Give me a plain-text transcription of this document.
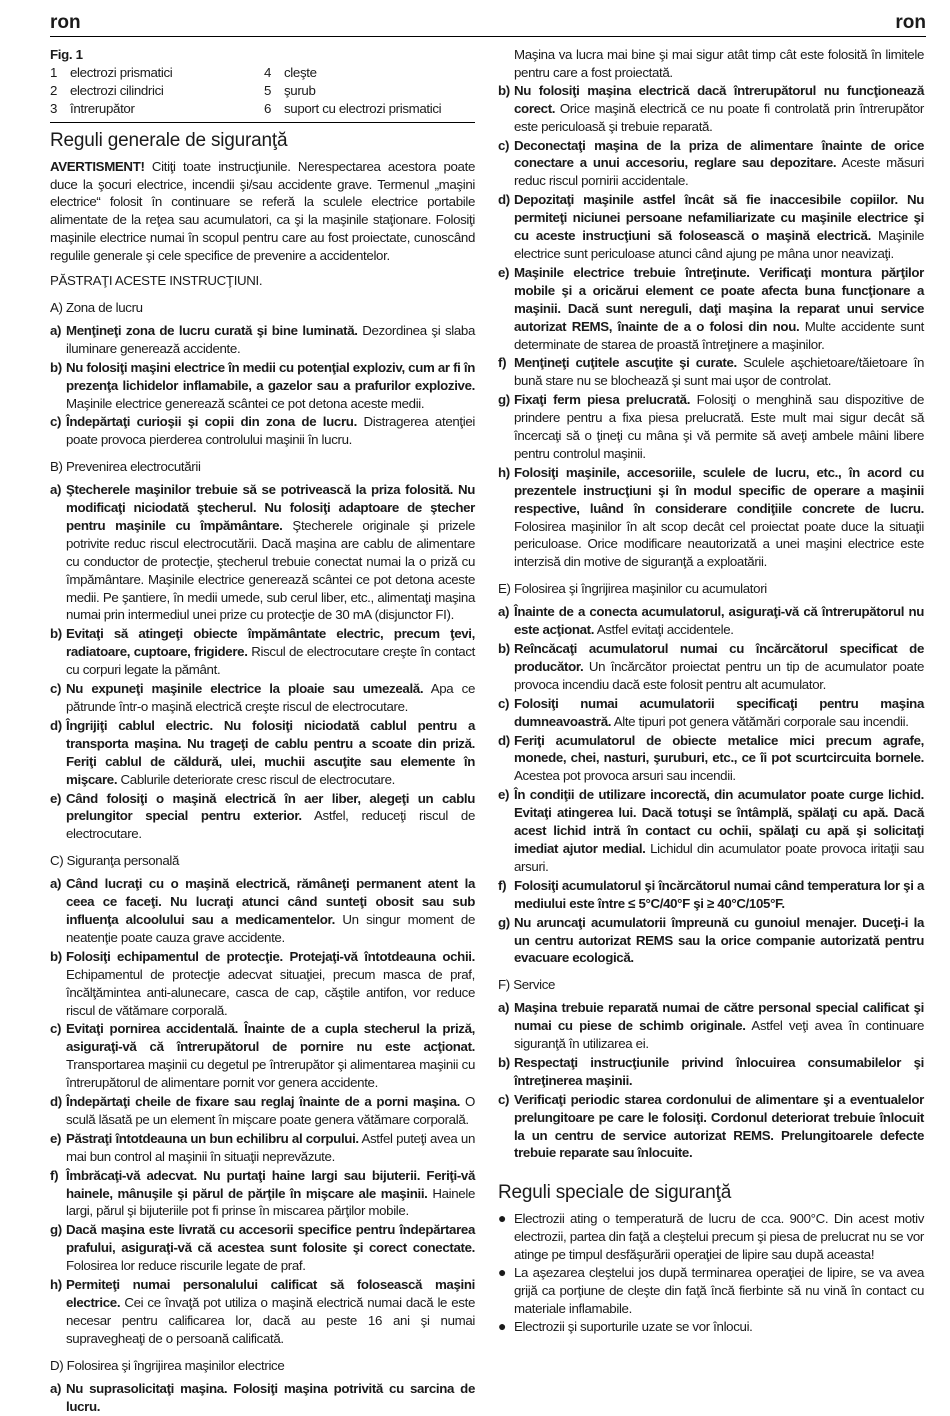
ron	ron

Fig. 1

1 electrozi prismatici	4 cleşte
2 electrozi cilindrici	5 şurub
3 întrerupător	6 suport cu electrozi prismatici
Reguli generale de siguranţă

AVERTISMENT! Citiţi toate instrucţiunile. Nerespectarea acestora poate duce la şocuri electrice, incendii şi/sau accidente grave. Termenul „maşini electrice“ folosit în continuare se referă la sculele electrice portabile alimentate de la reţea sau acumulatori, ca şi la maşinile staţionare. Folosiţi maşinile electrice numai în scopul pentru care au fost proiectate, cunoscând regulile generale şi cele specifice de prevenire a accidentelor.

PĂSTRAŢI ACESTE INSTRUCŢIUNI.

A) Zona de lucru

a) Menţineţi zona de lucru curată şi bine luminată. Dezordinea şi slaba iluminare generează accidente.
b) Nu folosiţi maşini electrice în medii cu potenţial exploziv, cum ar fi în prezenţa lichidelor inflamabile, a gazelor sau a prafurilor explozive. Maşinile electrice generează scântei ce pot detona aceste medii.
c) Îndepărtaţi curioşii şi copii din zona de lucru. Distragerea atenţiei poate provoca pierderea controlului maşinii în lucru.

B) Prevenirea electrocutării

a) Ştecherele maşinilor trebuie să se potrivească la priza folosită. Nu modificaţi niciodată ştecherul. Nu folosiţi adaptoare de ştecher pentru maşinile cu împământare. Ştecherele originale şi prizele potrivite reduc riscul electrocutării. Dacă maşina are cablu de alimentare cu conductor de protecţie, ştecherul trebuie conectat numai la o priză cu împământare. Maşinile electrice generează scântei ce pot detona aceste medii. Pe şantiere, în medii umede, sub cerul liber, etc., alimentaţi maşina numai prin intermediul unei prize cu protecţie de 30 mA (disjunctor FI).
b) Evitaţi să atingeţi obiecte împământate electric, precum ţevi, radiatoare, cuptoare, frigidere. Riscul de electrocutare creşte în contact cu corpuri legate la pământ.
c) Nu expuneţi maşinile electrice la ploaie sau umezeală. Apa ce pătrunde într-o maşină electrică creşte riscul de electrocutare.
d) Îngrijiţi cablul electric. Nu folosiţi niciodată cablul pentru a transporta maşina. Nu trageţi de cablu pentru a scoate din priză. Feriţi cablul de căldură, ulei, muchii ascuţite sau elemente în mişcare. Cablurile deteriorate cresc riscul de electrocutare.
e) Când folosiţi o maşină electrică în aer liber, alegeţi un cablu prelungitor special pentru exterior. Astfel, reduceţi riscul de electrocutare.

C) Siguranţa personală

a) Când lucraţi cu o maşină electrică, rămâneţi permanent atent la ceea ce faceţi. Nu lucraţi atunci când sunteţi obosit sau sub influenţa alcoolului sau a medicamentelor. Un singur moment de neatenţie poate cauza grave accidente.
b) Folosiţi echipamentul de protecţie. Protejaţi-vă întotdeauna ochii. Echipamentul de protecţie adecvat situaţiei, precum masca de praf, încălţămintea anti-alunecare, casca de cap, căştile antifon, vor reduce riscul de vătămare corporală.
c) Evitaţi pornirea accidentală. Înainte de a cupla stecherul la priză, asiguraţi-vă că întrerupătorul de pornire nu este acţionat. Transportarea maşinii cu degetul pe întrerupător şi alimentarea maşinii cu întrerupătorul de alimentare pornit vor genera accidente.
d) Îndepărtaţi cheile de fixare sau reglaj înainte de a porni maşina. O sculă lăsată pe un element în mişcare poate genera vătămare corporală.
e) Păstraţi întotdeauna un bun echilibru al corpului. Astfel puteţi avea un mai bun control al maşinii în situaţii neprevăzute.
f) Îmbrăcaţi-vă adecvat. Nu purtaţi haine largi sau bijuterii. Feriţi-vă hainele, mânuşile şi părul de părţile în mişcare ale maşinii. Hainele largi, părul şi bijuteriile pot fi prinse în miscarea părţilor mobile.
g) Dacă maşina este livrată cu accesorii specifice pentru îndepărtarea prafului, asiguraţi-vă că acestea sunt folosite şi corect conectate. Folosirea lor reduce riscurile legate de praf.
h) Permiteţi numai personalului calificat să folosească maşini electrice. Cei ce învaţă pot utiliza o maşină electrică numai dacă le este necesar pentru calificarea lor, dacă au peste 16 ani şi numai supravegheaţi de o persoană calificată.

D) Folosirea şi îngrijirea maşinilor electrice

a) Nu suprasolicitaţi maşina. Folosiţi maşina potrivită cu sarcina de lucru.
Maşina va lucra mai bine şi mai sigur atât timp cât este folosită în limitele pentru care a fost proiectată.
b) Nu folosiţi maşina electrică dacă întrerupătorul nu funcţionează corect. Orice maşină electrică ce nu poate fi controlată prin întrerupător este periculoasă şi trebuie reparată.
c) Deconectaţi maşina de la priza de alimentare înainte de orice conectare a unui accesoriu, reglare sau depozitare. Aceste măsuri reduc riscul pornirii accidentale.
d) Depozitaţi maşinile astfel încât să fie inaccesibile copiilor. Nu permiteţi niciunei persoane nefamiliarizate cu maşinile electrice şi cu aceste instrucţiuni să folosească o maşină electrică. Maşinile electrice sunt periculoase atunci când ajung pe mâna unor neavizaţi.
e) Maşinile electrice trebuie întreţinute. Verificaţi montura părţilor mobile şi a oricărui element ce poate afecta buna funcţionare a maşinii. Dacă sunt nereguli, daţi maşina la reparat unui service autorizat REMS, înainte de a o folosi din nou. Multe accidente sunt determinate de starea de proastă întreţinere a maşinilor.
f) Menţineţi cuţitele ascuţite şi curate. Sculele aşchietoare/tăietoare în bună stare nu se blochează şi sunt mai uşor de controlat.
g) Fixaţi ferm piesa prelucrată. Folosiţi o menghină sau dispozitive de prindere pentru a fixa piesa prelucrată. Este mult mai sigur decât să încercaţi să o ţineţi cu mâna şi vă permite să aveţi ambele mâini libere pentru controlul maşinii.
h) Folosiţi maşinile, accesoriile, sculele de lucru, etc., în acord cu prezentele instrucţiuni şi în modul specific de operare a maşinii respective, luând în considerare condiţiile concrete de lucru. Folosirea maşinilor în alt scop decât cel proiectat poate duce la situaţii periculoase. Orice modificare neautorizată a unei maşini electrice este interzisă din motive de siguranţă a exploatării.

E) Folosirea şi îngrijirea maşinilor cu acumulatori

a) Înainte de a conecta acumulatorul, asiguraţi-vă că întrerupătorul nu este acţionat. Astfel evitaţi accidentele.
b) Reîncăcaţi acumulatorul numai cu încărcătorul specificat de producător. Un încărcător proiectat pentru un tip de acumulator poate provoca incendiu dacă este folosit pentru alt acumulator.
c) Folosiţi numai acumulatorii specificaţi pentru maşina dumneavoastră. Alte tipuri pot genera vătămări corporale sau incendii.
d) Feriţi acumulatorul de obiecte metalice mici precum agrafe, monede, chei, nasturi, şuruburi, etc., ce îi pot scurtcircuita bornele. Acestea pot provoca arsuri sau incendii.
e) În condiţii de utilizare incorectă, din acumulator poate curge lichid. Evitaţi atingerea lui. Dacă totuşi se întâmplă, spălaţi cu apă. Dacă acest lichid intră în contact cu ochii, spălaţi cu apă şi solicitaţi imediat ajutor medial. Lichidul din acumulator poate provoca iritaţii sau arsuri.
f) Folosiţi acumulatorul şi încărcătorul numai când temperatura lor şi a mediului este între ≤ 5°C/40°F şi ≥ 40°C/105°F.
g) Nu aruncaţi acumulatorii împreună cu gunoiul menajer. Duceţi-i la un centru autorizat REMS sau la orice companie autorizată pentru evacuare ecologică.

F) Service

a) Maşina trebuie reparată numai de către personal special calificat şi numai cu piese de schimb originale. Astfel veţi avea în continuare siguranţă în utilizarea ei.
b) Respectaţi instrucţiunile privind înlocuirea consumabilelor şi întreţinerea maşinii.
c) Verificaţi periodic starea cordonului de alimentare şi a eventualelor prelungitoare pe care le folosiţi. Cordonul deteriorat trebuie înlocuit la un centru de service autorizat REMS. Prelungitoarele defecte trebuie reparate sau înlocuite.
Reguli speciale de siguranţă
● Electrozii ating o temperatură de lucru de cca. 900°C. Din acest motiv electrozii, partea din faţă a cleştelui precum şi piesa de prelucrat nu se vor atinge pe timpul desfăşurării operaţiei de lipire sau după aceasta!
● La aşezarea cleştelui jos după terminarea operaţiei de lipire, se va avea grijă ca porţiune de cleşte din faţă încă fierbinte să nu vină în contact cu materiale inflamabile.
● Electrozii şi suporturile uzate se vor înlocui.
